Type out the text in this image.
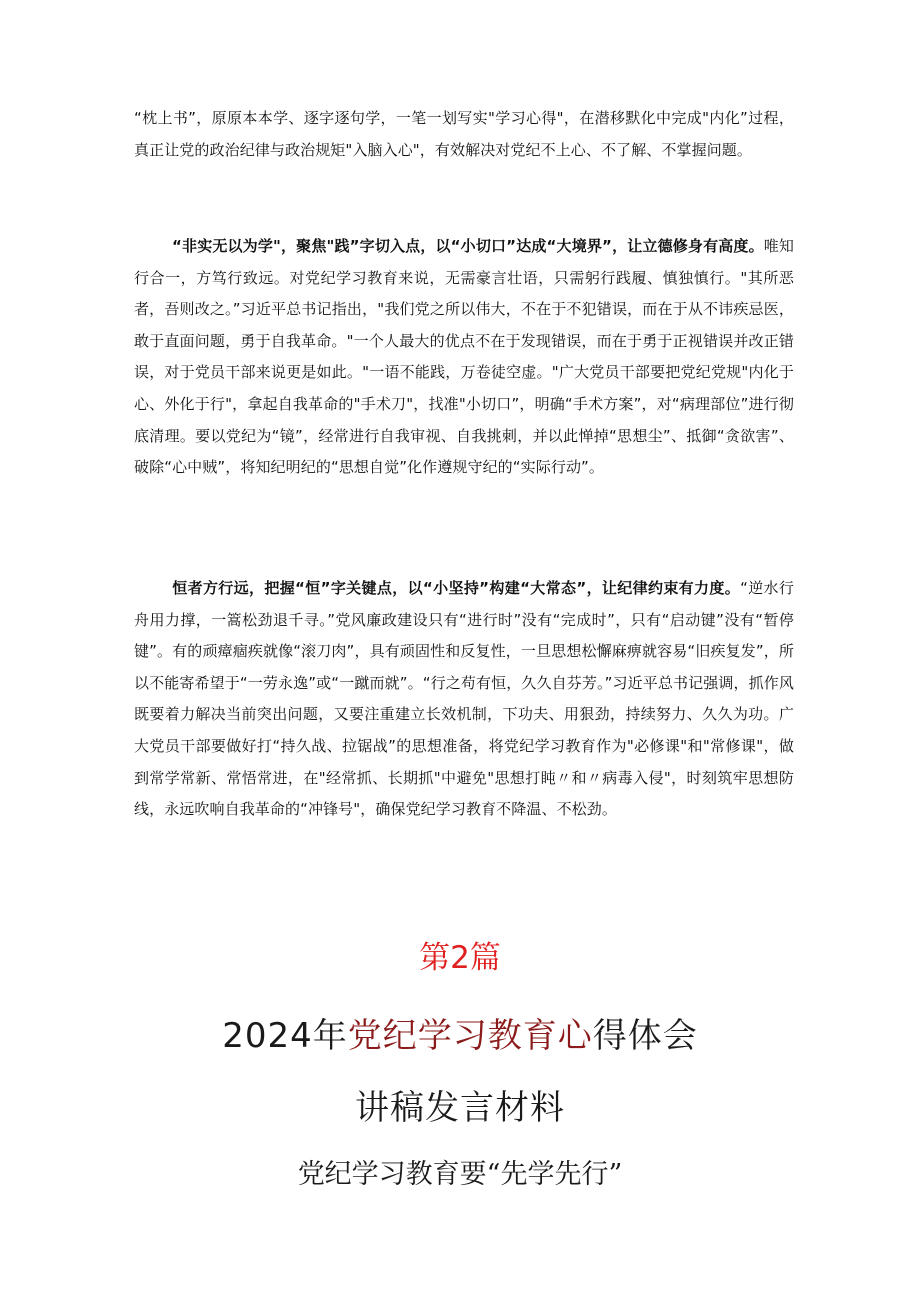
“枕上书”，原原本本学、逐字逐句学，一笔一划写实"学习心得"，在潜移默化中完成"内化”过程，真正让党的政治纪律与政治规矩"入脑入心"，有效解决对党纪不上心、不了解、不掌握问题。

“非实无以为学"，聚焦"践”字切入点，以“小切口”达成“大境界”，让立德修身有高度。唯知行合一，方笃行致远。对党纪学习教育来说，无需豪言壮语，只需躬行践履、慎独慎行。"其所恶者，吾则改之。”习近平总书记指出，"我们党之所以伟大，不在于不犯错误，而在于从不讳疾忌医，敢于直面问题，勇于自我革命。"一个人最大的优点不在于发现错误，而在于勇于正视错误并改正错误，对于党员干部来说更是如此。"一语不能践，万卷徒空虚。"广大党员干部要把党纪党规"内化于心、外化于行"，拿起自我革命的"手术刀"，找准"小切口”，明确“手术方案”，对“病理部位”进行彻底清理。要以党纪为“镜”，经常进行自我审视、自我挑刺，并以此惮掉“思想尘”、抵御“贪欲害”、破除“心中贼”，将知纪明纪的“思想自觉”化作遵规守纪的“实际行动”。

恒者方行远，把握“恒”字关键点，以“小坚持”构建“大常态”，让纪律约束有力度。“逆水行舟用力撑，一篙松劲退千寻。”党风廉政建设只有“进行时”没有“完成时”，只有“启动键”没有“暂停键”。有的顽瘴痼疾就像“滚刀肉”，具有顽固性和反复性，一旦思想松懈麻痹就容易“旧疾复发”，所以不能寄希望于“一劳永逸”或“一蹴而就”。“行之苟有恒，久久自芬芳。”习近平总书记强调，抓作风既要着力解决当前突出问题，又要注重建立长效机制，下功夫、用狠劲，持续努力、久久为功。广大党员干部要做好打“持久战、拉锯战”的思想准备，将党纪学习教育作为"必修课"和"常修课"，做到常学常新、常悟常进，在"经常抓、长期抓"中避免"思想打盹〃和〃病毒入侵"，时刻筑牢思想防线，永远吹响自我革命的“冲锋号"，确保党纪学习教育不降温、不松劲。

第2篇
2024年党纪学习教育心得体会
讲稿发言材料
党纪学习教育要“先学先行”
